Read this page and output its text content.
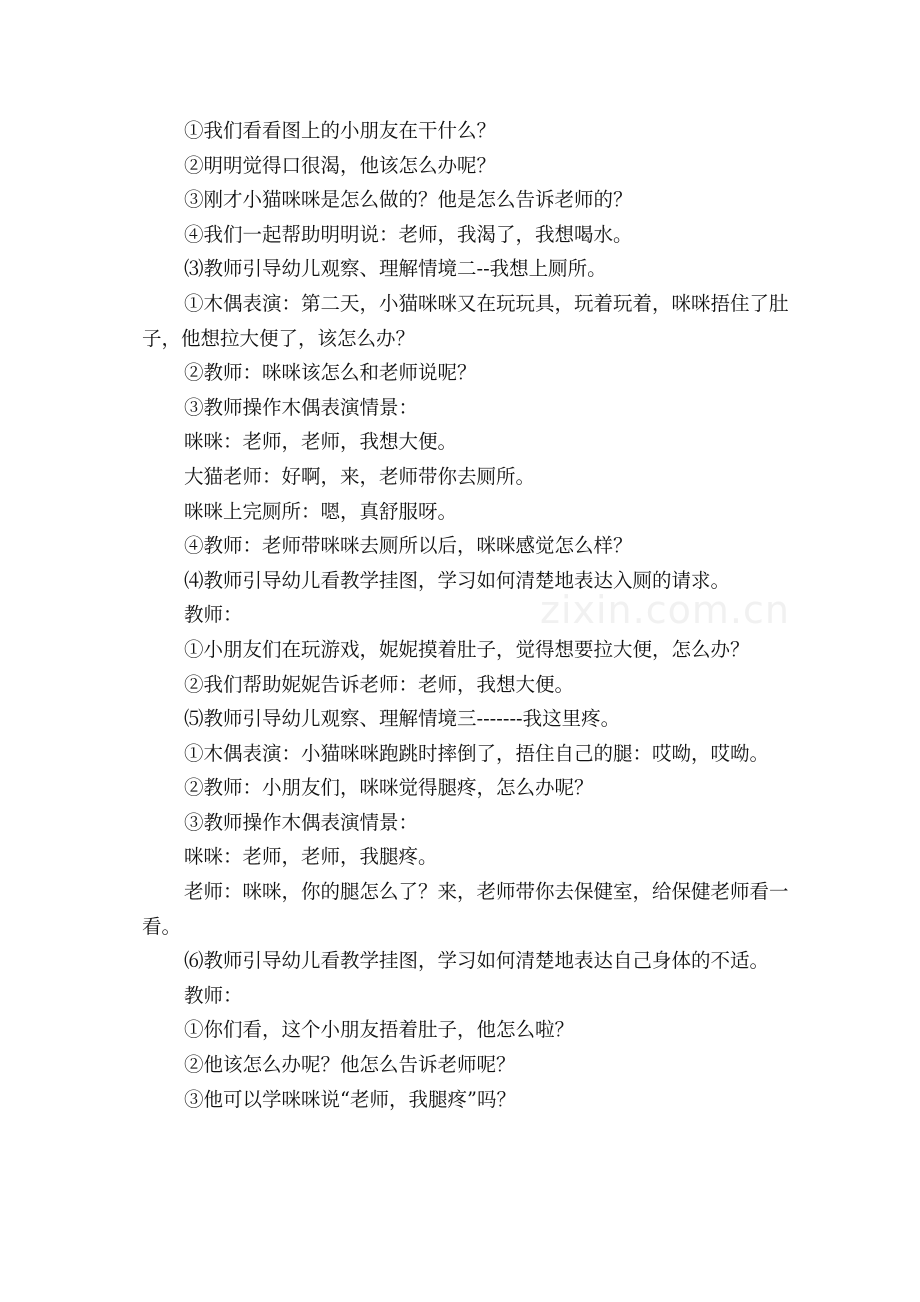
zixin.com.cn

①我们看看图上的小朋友在干什么？

②明明觉得口很渴，他该怎么办呢？

③刚才小猫咪咪是怎么做的？他是怎么告诉老师的？

④我们一起帮助明明说：老师，我渴了，我想喝水。

⑶教师引导幼儿观察、理解情境二--我想上厕所。

①木偶表演：第二天，小猫咪咪又在玩玩具，玩着玩着，咪咪捂住了肚子，他想拉大便了，该怎么办？

②教师：咪咪该怎么和老师说呢？

③教师操作木偶表演情景：

咪咪：老师，老师，我想大便。

大猫老师：好啊，来，老师带你去厕所。

咪咪上完厕所：嗯，真舒服呀。

④教师：老师带咪咪去厕所以后，咪咪感觉怎么样？

⑷教师引导幼儿看教学挂图，学习如何清楚地表达入厕的请求。

教师：

①小朋友们在玩游戏，妮妮摸着肚子，觉得想要拉大便，怎么办？

②我们帮助妮妮告诉老师：老师，我想大便。

⑸教师引导幼儿观察、理解情境三-------我这里疼。

①木偶表演：小猫咪咪跑跳时摔倒了，捂住自己的腿：哎呦，哎呦。

②教师：小朋友们，咪咪觉得腿疼，怎么办呢？

③教师操作木偶表演情景：

咪咪：老师，老师，我腿疼。

老师：咪咪，你的腿怎么了？来，老师带你去保健室，给保健老师看一看。

⑹教师引导幼儿看教学挂图，学习如何清楚地表达自己身体的不适。

教师：

①你们看，这个小朋友捂着肚子，他怎么啦？

②他该怎么办呢？他怎么告诉老师呢？

③他可以学咪咪说“老师，我腿疼”吗？
